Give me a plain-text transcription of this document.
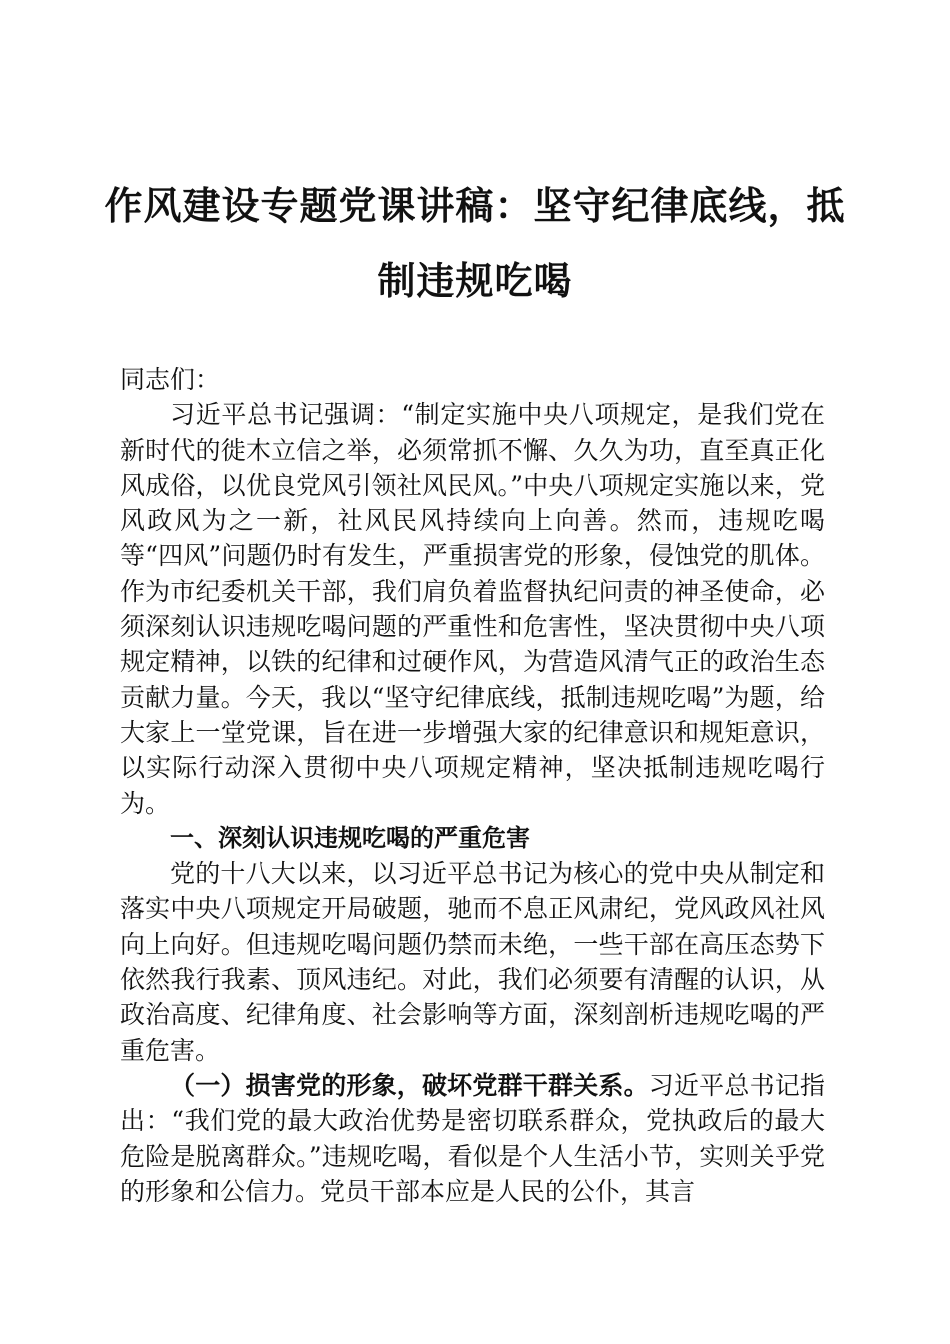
作风建设专题党课讲稿：坚守纪律底线，抵制违规吃喝

同志们：

习近平总书记强调：“制定实施中央八项规定，是我们党在新时代的徙木立信之举，必须常抓不懈、久久为功，直至真正化风成俗，以优良党风引领社风民风。”中央八项规定实施以来，党风政风为之一新，社风民风持续向上向善。然而，违规吃喝等“四风”问题仍时有发生，严重损害党的形象，侵蚀党的肌体。作为市纪委机关干部，我们肩负着监督执纪问责的神圣使命，必须深刻认识违规吃喝问题的严重性和危害性，坚决贯彻中央八项规定精神，以铁的纪律和过硬作风，为营造风清气正的政治生态贡献力量。今天，我以“坚守纪律底线，抵制违规吃喝”为题，给大家上一堂党课，旨在进一步增强大家的纪律意识和规矩意识，以实际行动深入贯彻中央八项规定精神，坚决抵制违规吃喝行为。

一、深刻认识违规吃喝的严重危害

党的十八大以来，以习近平总书记为核心的党中央从制定和落实中央八项规定开局破题，驰而不息正风肃纪，党风政风社风向上向好。但违规吃喝问题仍禁而未绝，一些干部在高压态势下依然我行我素、顶风违纪。对此，我们必须要有清醒的认识，从政治高度、纪律角度、社会影响等方面，深刻剖析违规吃喝的严重危害。

（一）损害党的形象，破坏党群干群关系。习近平总书记指出：“我们党的最大政治优势是密切联系群众，党执政后的最大危险是脱离群众。”违规吃喝，看似是个人生活小节，实则关乎党的形象和公信力。党员干部本应是人民的公仆，其言
